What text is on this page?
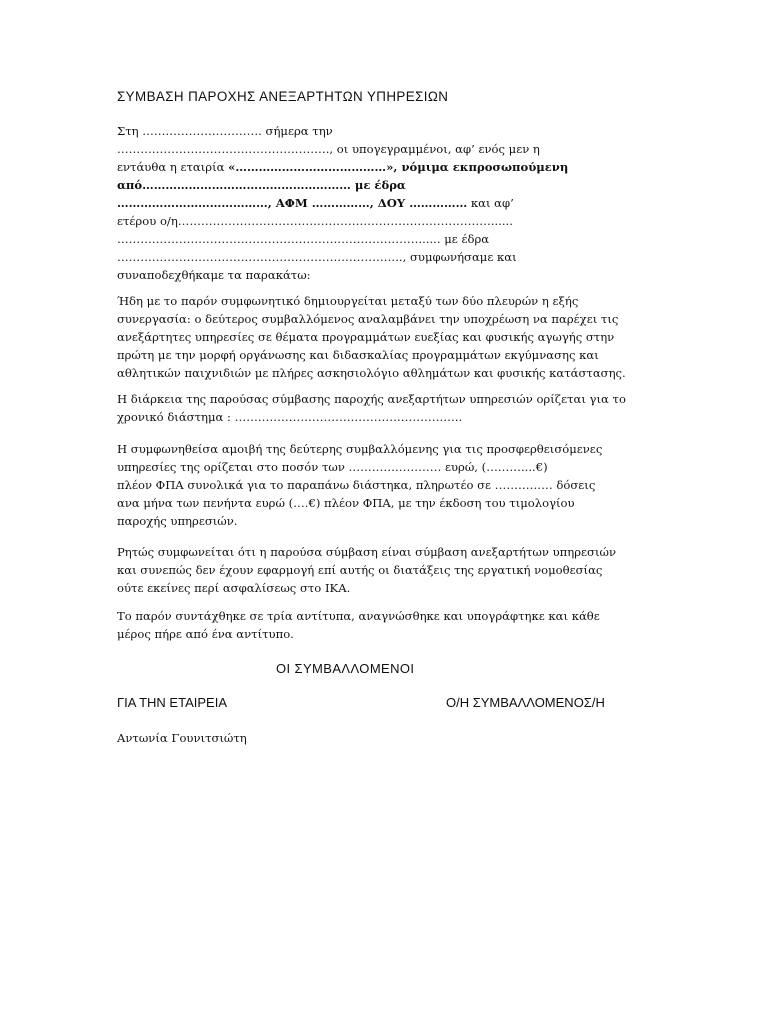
ΣΥΜΒΑΣΗ ΠΑΡΟΧΗΣ ΑΝΕΞΑΡΤΗΤΩΝ ΥΠΗΡΕΣΙΩΝ
Στη …………………………. σήμερα την
………………………………………………., οι υπογεγραμμένοι, αφ’ ενός μεν η
εντάυθα η εταιρία «…………………………………», νόμιμα εκπροσωπούμενη
από……………………………………………… με έδρα
…………………………………, ΑΦΜ ……………, ΔΟΥ …………… και αφ’
ετέρου ο/η………………………………………………………………………......
……………………………………………………………………...... με έδρα
……………………………………………………………….., συμφωνήσαμε και
συναποδεχθήκαμε τα παρακάτω:
Ήδη με το παρόν συμφωνητικό δημιουργείται μεταξύ των δύο πλευρών η εξής
συνεργασία: ο δεύτερος συμβαλλόμενος αναλαμβάνει την υποχρέωση να παρέχει τις
ανεξάρτητες υπηρεσίες σε θέματα προγραμμάτων ευεξίας και φυσικής αγωγής στην
πρώτη με την μορφή οργάνωσης και διδασκαλίας προγραμμάτων εκγύμνασης και
αθλητικών παιχνιδιών με πλήρες ασκησιολόγιο αθλημάτων και φυσικής κατάστασης.
Η διάρκεια της παρούσας σύμβασης παροχής ανεξαρτήτων υπηρεσιών ορίζεται για το
χρονικό διάστημα : …………………………………………………..
Η συμφωνηθείσα αμοιβή της δεύτερης συμβαλλόμενης για τις προσφερθεισόμενες
υπηρεσίες της ορίζεται στο ποσόν των …………………… ευρώ, (………....€)
πλέον ΦΠΑ συνολικά για το παραπάνω διάστηκα, πληρωτέο σε …………… δόσεις
ανα μήνα των πενήντα ευρώ (….€) πλέον ΦΠΑ, με την έκδοση του τιμολογίου
παροχής υπηρεσιών.
Ρητώς συμφωνείται ότι η παρούσα σύμβαση είναι σύμβαση ανεξαρτήτων υπηρεσιών
και συνεπώς δεν έχουν εφαρμογή επί αυτής οι διατάξεις της εργατική νομοθεσίας
ούτε εκείνες περί ασφαλίσεως στο ΙΚΑ.
Το παρόν συντάχθηκε σε τρία αντίτυπα, αναγνώσθηκε και υπογράφτηκε και κάθε
μέρος πήρε από ένα αντίτυπο.
ΟΙ ΣΥΜΒΑΛΛΟΜΕΝΟΙ
ΓΙΑ ΤΗΝ ΕΤΑΙΡΕΙΑ	Ο/Η ΣΥΜΒΑΛΛΟΜΕΝΟΣ/Η
Αντωνία Γουνιτσιώτη
